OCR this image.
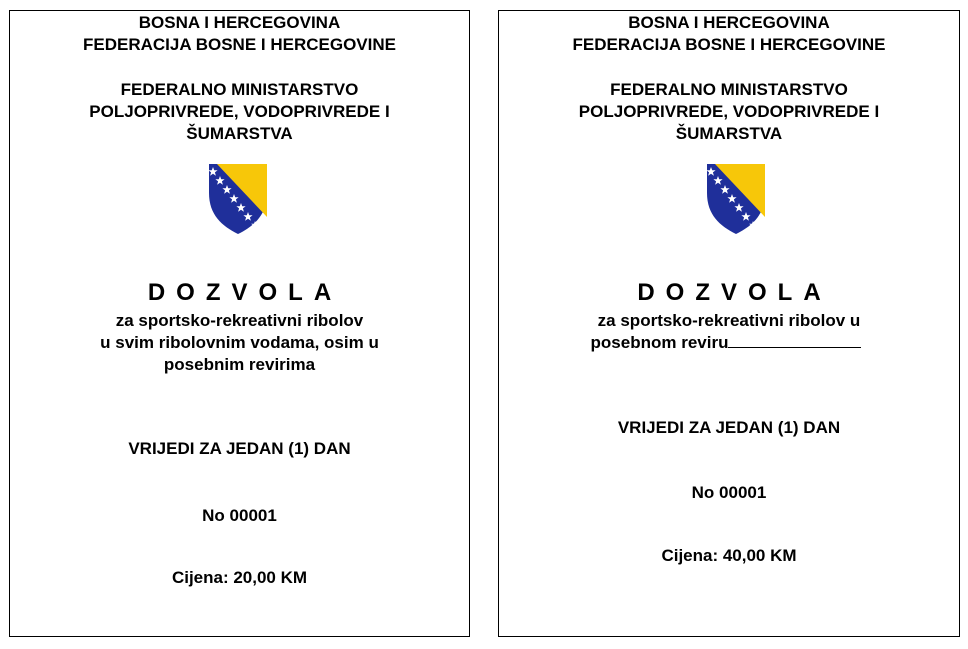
BOSNA I HERCEGOVINA
FEDERACIJA BOSNE I HERCEGOVINE
FEDERALNO MINISTARSTVO
POLJOPRIVREDE, VODOPRIVREDE I
ŠUMARSTVA
DOZVOLA
za sportsko-rekreativni ribolov
u svim ribolovnim vodama, osim u
posebnim revirima
VRIJEDI ZA JEDAN (1) DAN
No 00001
Cijena: 20,00 KM
BOSNA I HERCEGOVINA
FEDERACIJA BOSNE I HERCEGOVINE
FEDERALNO MINISTARSTVO
POLJOPRIVREDE, VODOPRIVREDE I
ŠUMARSTVA
DOZVOLA
za sportsko-rekreativni ribolov u
posebnom reviru
VRIJEDI ZA JEDAN (1) DAN
No 00001
Cijena: 40,00 KM
